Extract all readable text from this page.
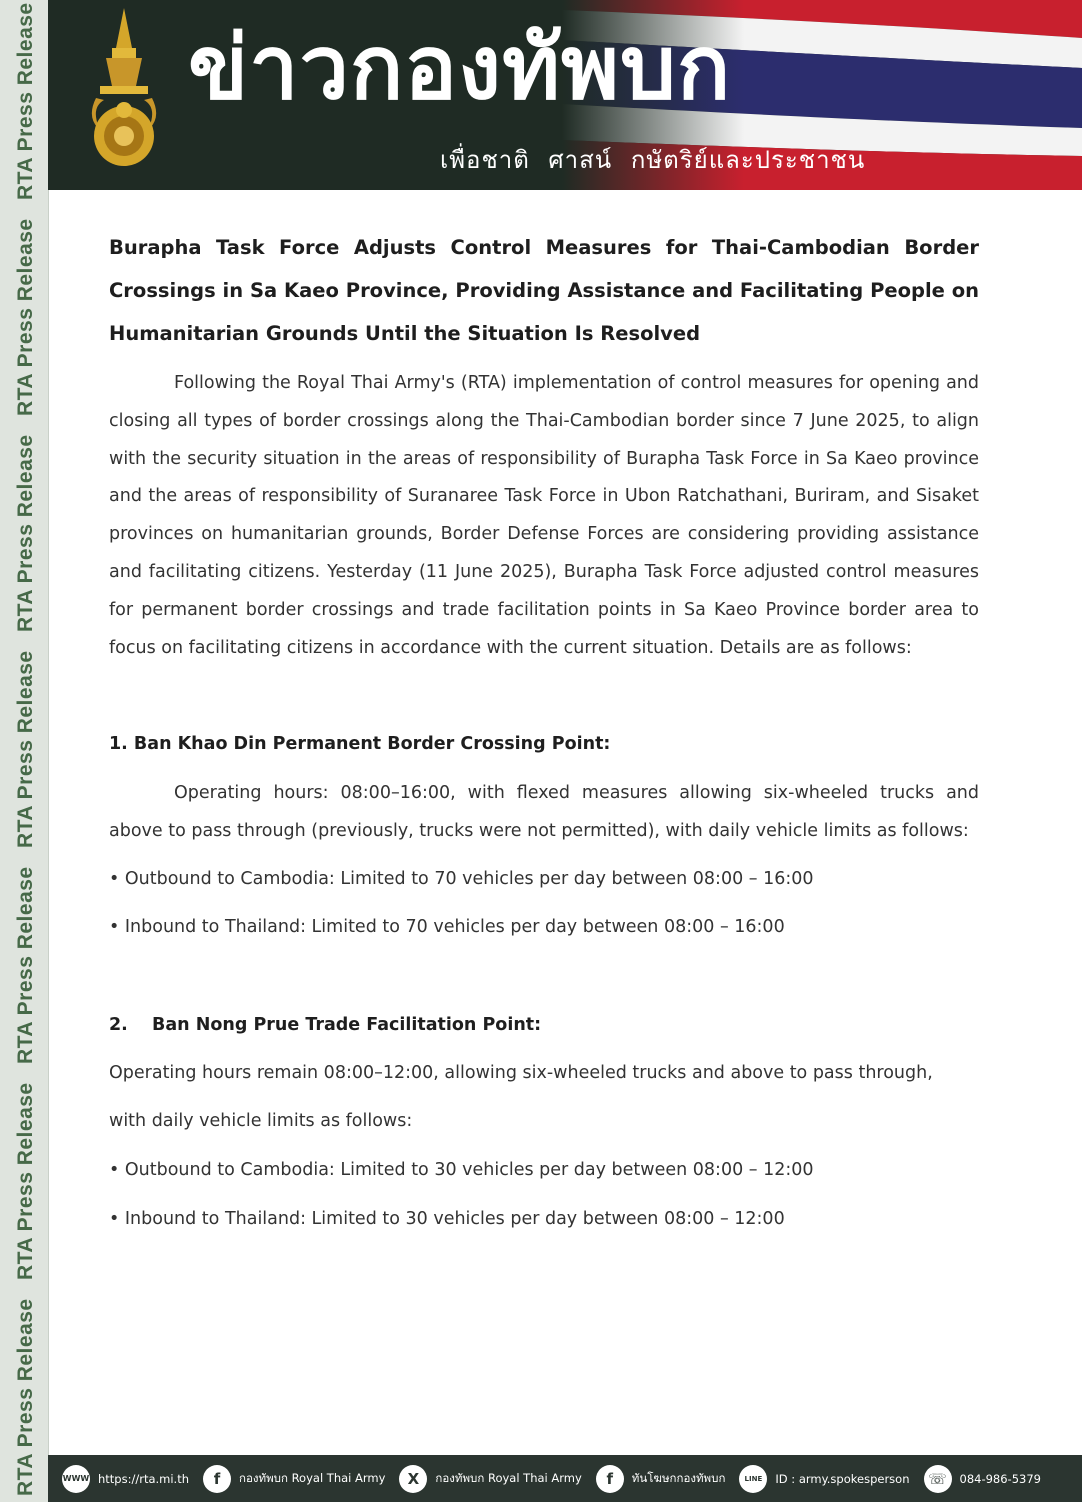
RTA Press Release
RTA Press Release
RTA Press Release
RTA Press Release
RTA Press Release
RTA Press Release
RTA Press Release
ข่าวกองทัพบก
เพื่อชาติ ศาสน์ กษัตริย์และประชาชน

Burapha Task Force Adjusts Control Measures for Thai-Cambodian Border Crossings in Sa Kaeo Province, Providing Assistance and Facilitating People on Humanitarian Grounds Until the Situation Is Resolved

Following the Royal Thai Army's (RTA) implementation of control measures for opening and closing all types of border crossings along the Thai-Cambodian border since 7 June 2025, to align with the security situation in the areas of responsibility of Burapha Task Force in Sa Kaeo province and the areas of responsibility of Suranaree Task Force in Ubon Ratchathani, Buriram, and Sisaket provinces on humanitarian grounds, Border Defense Forces are considering providing assistance and facilitating citizens. Yesterday (11 June 2025), Burapha Task Force adjusted control measures for permanent border crossings and trade facilitation points in Sa Kaeo Province border area to focus on facilitating citizens in accordance with the current situation. Details are as follows:

1. Ban Khao Din Permanent Border Crossing Point:

Operating hours: 08:00–16:00, with flexed measures allowing six-wheeled trucks and above to pass through (previously, trucks were not permitted), with daily vehicle limits as follows:

• Outbound to Cambodia: Limited to 70 vehicles per day between 08:00 – 16:00
• Inbound to Thailand: Limited to 70 vehicles per day between 08:00 – 16:00

2. Ban Nong Prue Trade Facilitation Point:

Operating hours remain 08:00–12:00, allowing six-wheeled trucks and above to pass through,
with daily vehicle limits as follows:
• Outbound to Cambodia: Limited to 30 vehicles per day between 08:00 – 12:00
• Inbound to Thailand: Limited to 30 vehicles per day between 08:00 – 12:00
WWW https://rta.mi.th	f	กองทัพบก Royal Thai Army	X	กองทัพบก Royal Thai Army	f	ทันโฆษกกองทัพบก	LINE	ID : army.spokesperson	☏	084-986-5379
